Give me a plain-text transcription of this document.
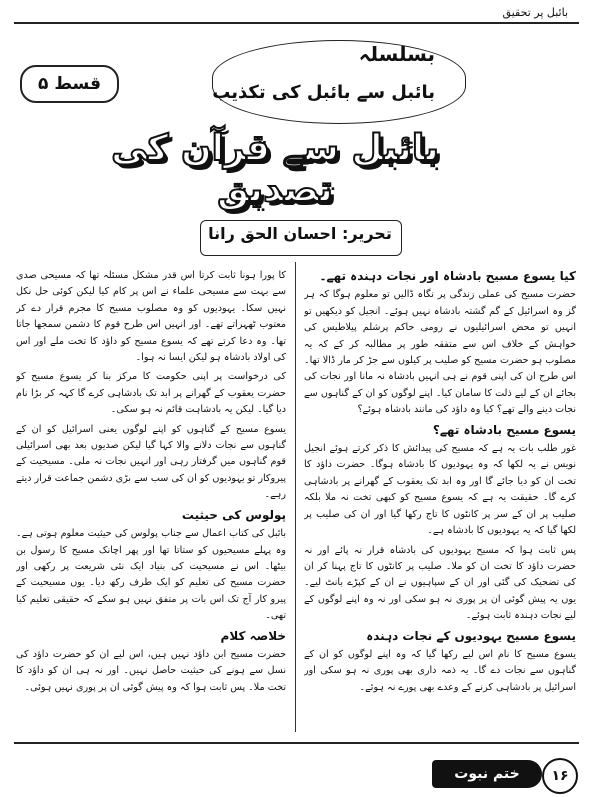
بائبل پر تحقیق
بسلسلہ
بائبل سے بائبل کی تکذیب
قسط ۵
بائبل سے قرآن کی تصدیق
تحریر: احسان الحق رانا

کیا یسوع مسیح بادشاہ اور نجات دہندہ تھے۔

حضرت مسیح کی عملی زندگی پر نگاہ ڈالیں تو معلوم ہوگا کہ ہر گز وہ اسرائیل کے گم گشتہ بادشاہ نہیں ہوئے۔ انجیل کو دیکھیں تو انہیں تو محض اسرائیلیوں نے رومی حاکم پرشلم پیلاطیس کی خواہش کے خلاف اس سے متفقہ طور پر مطالبہ کر کے کہ یہ مصلوب ہو حضرت مسیح کو صلیب پر کیلوں سے جڑ کر مار ڈالا تھا۔ اس طرح ان کی اپنی قوم نے ہی انہیں بادشاہ نہ مانا اور نجات کی بجائے ان کے لیے ذلت کا سامان کیا۔ اپنے لوگوں کو ان کے گناہوں سے نجات دینے والے تھے؟ کیا وہ داؤد کی مانند بادشاہ ہوئے؟

یسوع مسیح بادشاہ تھے؟

غور طلب بات یہ ہے کہ مسیح کی پیدائش کا ذکر کرتے ہوئے انجیل نویس نے یہ لکھا کہ وہ یہودیوں کا بادشاہ ہوگا۔ حضرت داؤد کا تخت ان کو دیا جائے گا اور وہ ابد تک یعقوب کے گھرانے پر بادشاہی کرے گا۔ حقیقت یہ ہے کہ یسوع مسیح کو کبھی تخت نہ ملا بلکہ صلیب پر ان کے سر پر کانٹوں کا تاج رکھا گیا اور ان کی صلیب پر لکھا گیا کہ یہ یہودیوں کا بادشاہ ہے۔

پس ثابت ہوا کہ مسیح یہودیوں کی بادشاہ قرار نہ پائے اور نہ حضرت داؤد کا تخت ان کو ملا۔ صلیب پر کانٹوں کا تاج پہنا کر ان کی تضحیک کی گئی اور ان کے سپاہیوں نے ان کے کپڑے بانٹ لیے۔ یوں یہ پیش گوئی ان پر پوری نہ ہو سکی اور نہ وہ اپنے لوگوں کے لیے نجات دہندہ ثابت ہوئے۔

یسوع مسیح یہودیوں کے نجات دہندہ

یسوع مسیح کا نام اس لیے رکھا گیا کہ وہ اپنے لوگوں کو ان کے گناہوں سے نجات دے گا۔ یہ ذمہ داری بھی پوری نہ ہو سکی اور اسرائیل پر بادشاہی کرنے کے وعدے بھی پورے نہ ہوئے۔

کا پورا ہونا ثابت کرتا اس قدر مشکل مسئلہ تھا کہ مسیحی صدی سے بہت سے مسیحی علماء نے اس پر کام کیا لیکن کوئی حل نکل نہیں سکا۔ یہودیوں کو وہ مصلوب مسیح کا مجرم قرار دے کر معتوب ٹھہراتے تھے۔ اور انہیں اس طرح قوم کا دشمن سمجھا جاتا تھا۔ وہ دعا کرتے تھے کہ یسوع مسیح کو داؤد کا تخت ملے اور اس کی اولاد بادشاہ ہو لیکن ایسا نہ ہوا۔

کی درخواست پر اپنی حکومت کا مرکز بنا کر یسوع مسیح کو حضرت یعقوب کے گھرانے پر ابد تک بادشاہی کرے گا کہہ کر بڑا نام دیا گیا۔ لیکن یہ بادشاہت قائم نہ ہو سکی۔

یسوع مسیح کے گناہوں کو اپنے لوگوں یعنی اسرائیل کو ان کے گناہوں سے نجات دلانے والا کہا گیا لیکن صدیوں بعد بھی اسرائیلی قوم گناہوں میں گرفتار رہی اور انہیں نجات نہ ملی۔ مسیحیت کے پیروکار تو یہودیوں کو ان کی سب سے بڑی دشمن جماعت قرار دیتے رہے۔

پولوس کی حیثیت

بائبل کی کتاب اعمال سے جناب پولوس کی حیثیت معلوم ہوتی ہے۔ وہ پہلے مسیحیوں کو ستاتا تھا اور پھر اچانک مسیح کا رسول بن بیٹھا۔ اس نے مسیحیت کی بنیاد ایک نئی شریعت پر رکھی اور حضرت مسیح کی تعلیم کو ایک طرف رکھ دیا۔ یوں مسیحیت کے پیرو کار آج تک اس بات پر متفق نہیں ہو سکے کہ حقیقی تعلیم کیا تھی۔

خلاصہ کلام

حضرت مسیح ابن داؤد نہیں ہیں، اس لیے ان کو حضرت داؤد کی نسل سے ہونے کی حیثیت حاصل نہیں۔ اور نہ ہی ان کو داؤد کا تخت ملا۔ پس ثابت ہوا کہ وہ پیش گوئی ان پر پوری نہیں ہوئی۔

ختم نبوت ۱۶
